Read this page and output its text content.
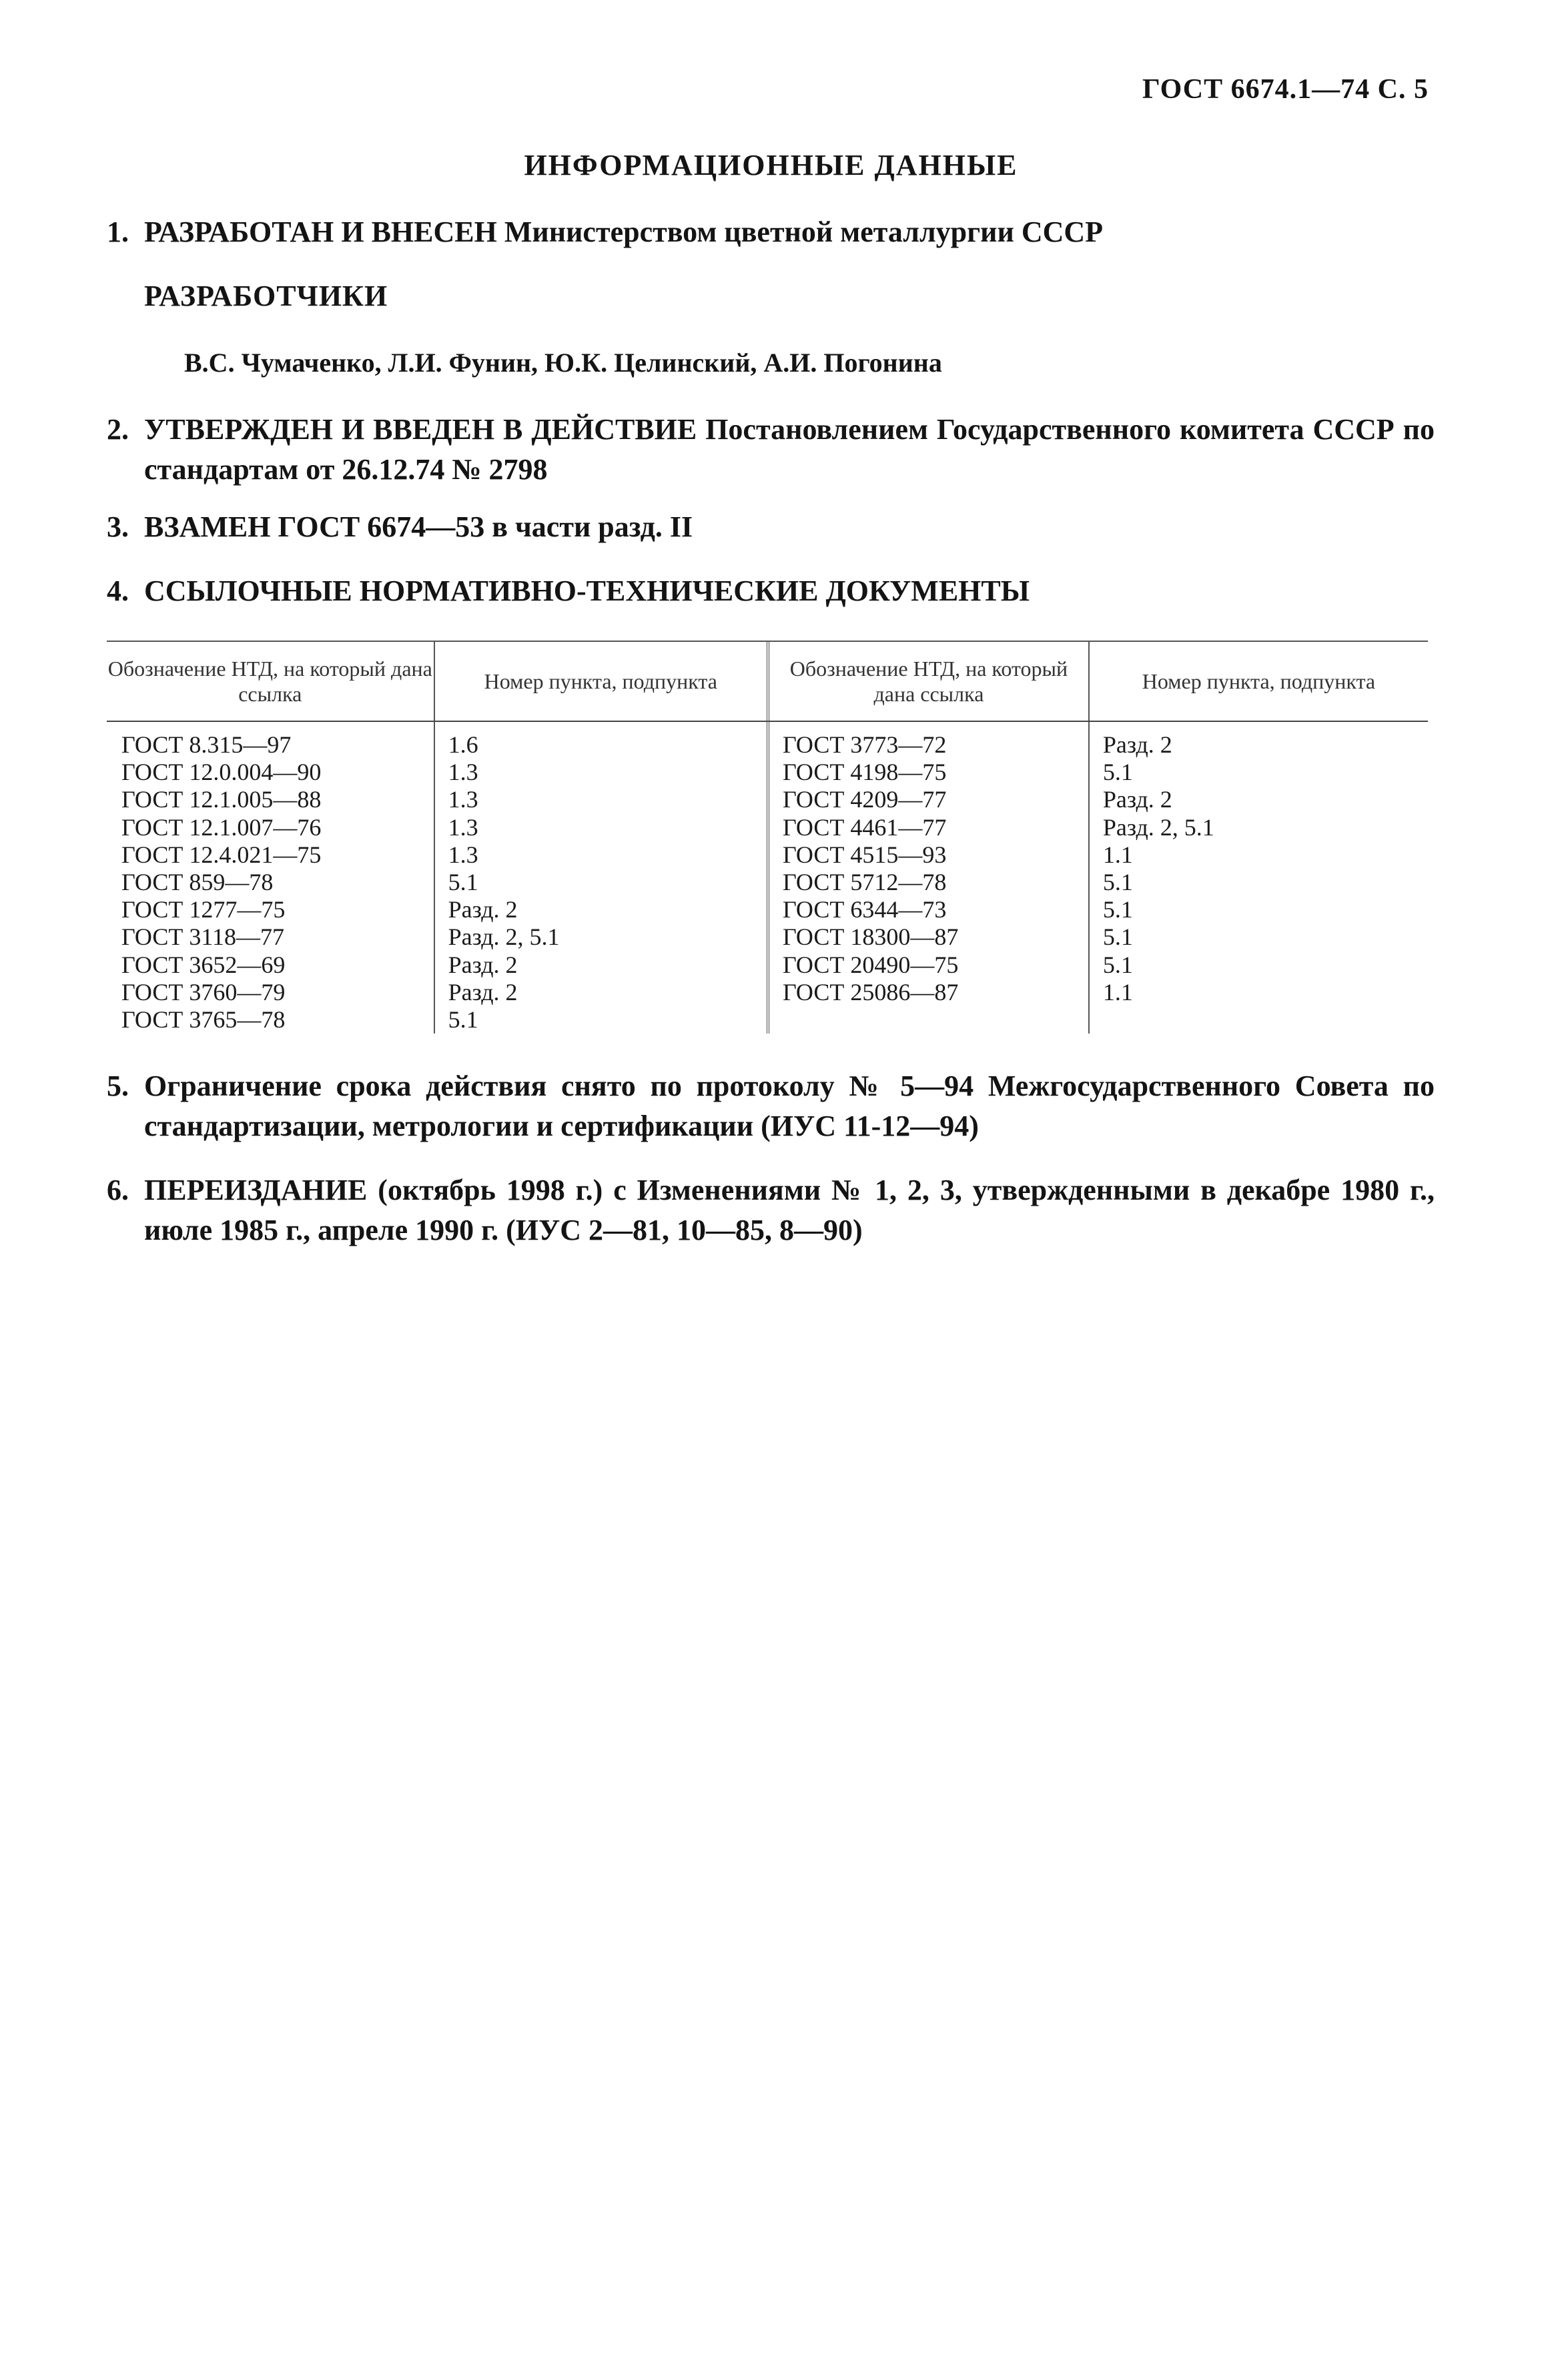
ГОСТ 6674.1—74 С. 5
ИНФОРМАЦИОННЫЕ ДАННЫЕ
1. РАЗРАБОТАН И ВНЕСЕН Министерством цветной металлургии СССР
РАЗРАБОТЧИКИ
В.С. Чумаченко, Л.И. Фунин, Ю.К. Целинский, А.И. Погонина
2. УТВЕРЖДЕН И ВВЕДЕН В ДЕЙСТВИЕ Постановлением Государственного комитета СССР по стандартам от 26.12.74 № 2798
3. ВЗАМЕН ГОСТ 6674—53 в части разд. II
4. ССЫЛОЧНЫЕ НОРМАТИВНО-ТЕХНИЧЕСКИЕ ДОКУМЕНТЫ
Обозначение НТД, на который дана ссылка
Номер пункта, подпункта
Обозначение НТД, на который дана ссылка
Номер пункта, подпункта
ГОСТ 8.315—97
ГОСТ 12.0.004—90
ГОСТ 12.1.005—88
ГОСТ 12.1.007—76
ГОСТ 12.4.021—75
ГОСТ 859—78
ГОСТ 1277—75
ГОСТ 3118—77
ГОСТ 3652—69
ГОСТ 3760—79
ГОСТ 3765—78
1.6
1.3
1.3
1.3
1.3
5.1
Разд. 2
Разд. 2, 5.1
Разд. 2
Разд. 2
5.1
ГОСТ 3773—72
ГОСТ 4198—75
ГОСТ 4209—77
ГОСТ 4461—77
ГОСТ 4515—93
ГОСТ 5712—78
ГОСТ 6344—73
ГОСТ 18300—87
ГОСТ 20490—75
ГОСТ 25086—87
Разд. 2
5.1
Разд. 2
Разд. 2, 5.1
1.1
5.1
5.1
5.1
5.1
1.1
5. Ограничение срока действия снято по протоколу № 5—94 Межгосударственного Совета по стандартизации, метрологии и сертификации (ИУС 11-12—94)
6. ПЕРЕИЗДАНИЕ (октябрь 1998 г.) с Изменениями № 1, 2, 3, утвержденными в декабре 1980 г., июле 1985 г., апреле 1990 г. (ИУС 2—81, 10—85, 8—90)
